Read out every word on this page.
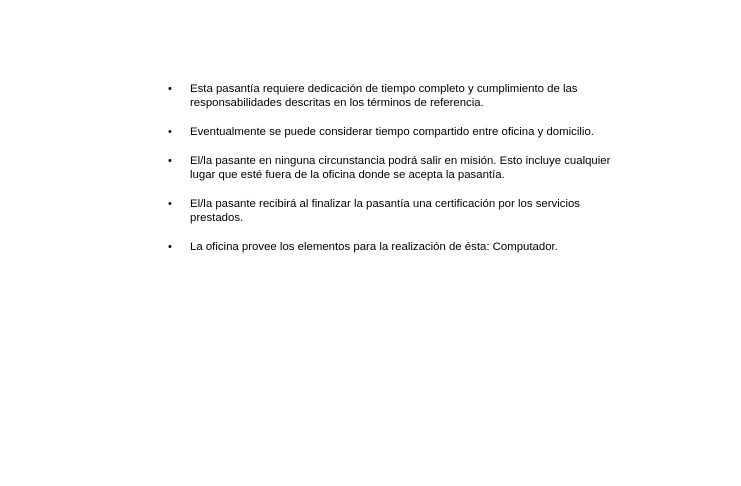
•	Esta pasantía requiere dedicación de tiempo completo y cumplimiento de las
responsabilidades descritas en los términos de referencia.
•	Eventualmente se puede considerar tiempo compartido entre oficina y domicilio.
•	El/la pasante en ninguna circunstancia podrá salir en misión. Esto incluye cualquier
lugar que esté fuera de la oficina donde se acepta la pasantía.
•	El/la pasante recibirá al finalizar la pasantía una certificación por los servicios
prestados.
•	La oficina provee los elementos para la realización de ésta: Computador.
